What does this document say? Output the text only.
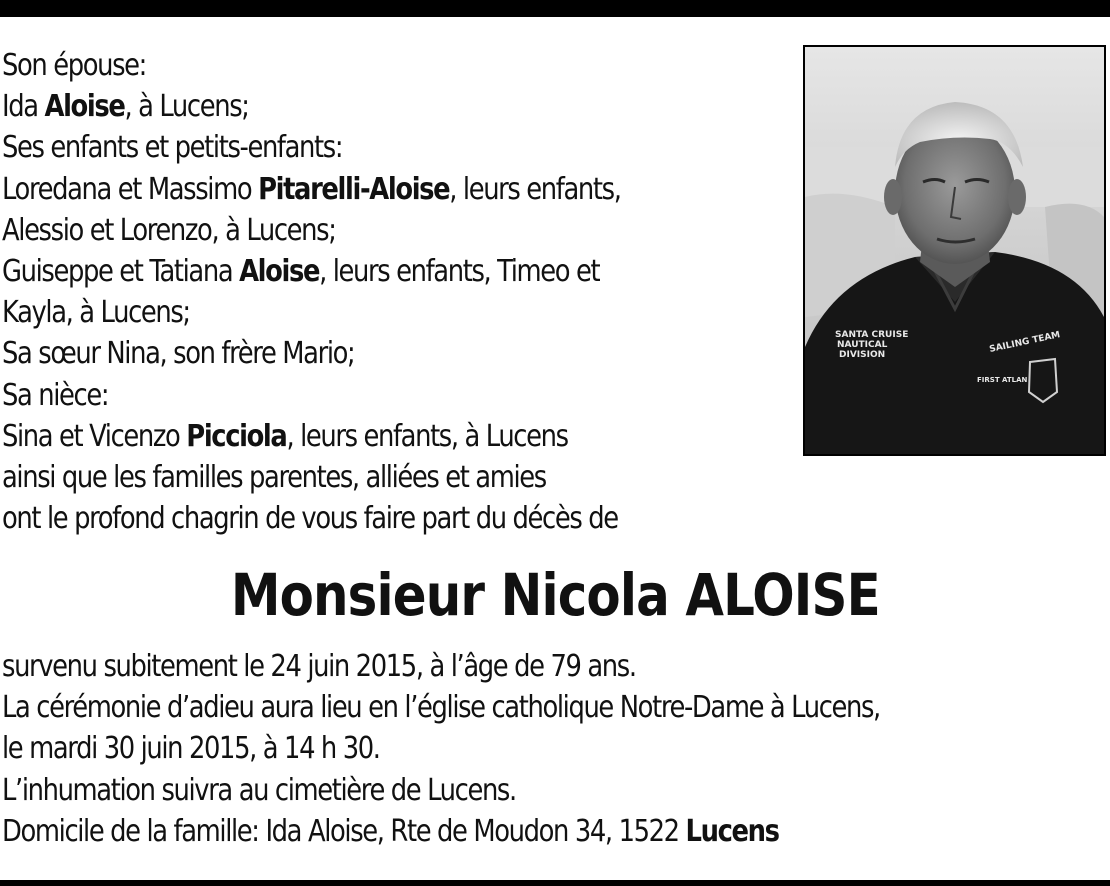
Son épouse:
Ida Aloise, à Lucens;
Ses enfants et petits-enfants:
Loredana et Massimo Pitarelli-Aloise, leurs enfants,
Alessio et Lorenzo, à Lucens;
Guiseppe et Tatiana Aloise, leurs enfants, Timeo et
Kayla, à Lucens;
Sa sœur Nina, son frère Mario;
Sa nièce:
Sina et Vicenzo Picciola, leurs enfants, à Lucens
ainsi que les familles parentes, alliées et amies
ont le profond chagrin de vous faire part du décès de
SANTA CRUISE
NAUTICAL
DIVISION
SAILING TEAM
FIRST ATLAN
Monsieur Nicola ALOISE
survenu subitement le 24 juin 2015, à l’âge de 79 ans.
La cérémonie d’adieu aura lieu en l’église catholique Notre-Dame à Lucens,
le mardi 30 juin 2015, à 14 h 30.
L’inhumation suivra au cimetière de Lucens.
Domicile de la famille: Ida Aloise, Rte de Moudon 34, 1522 Lucens
